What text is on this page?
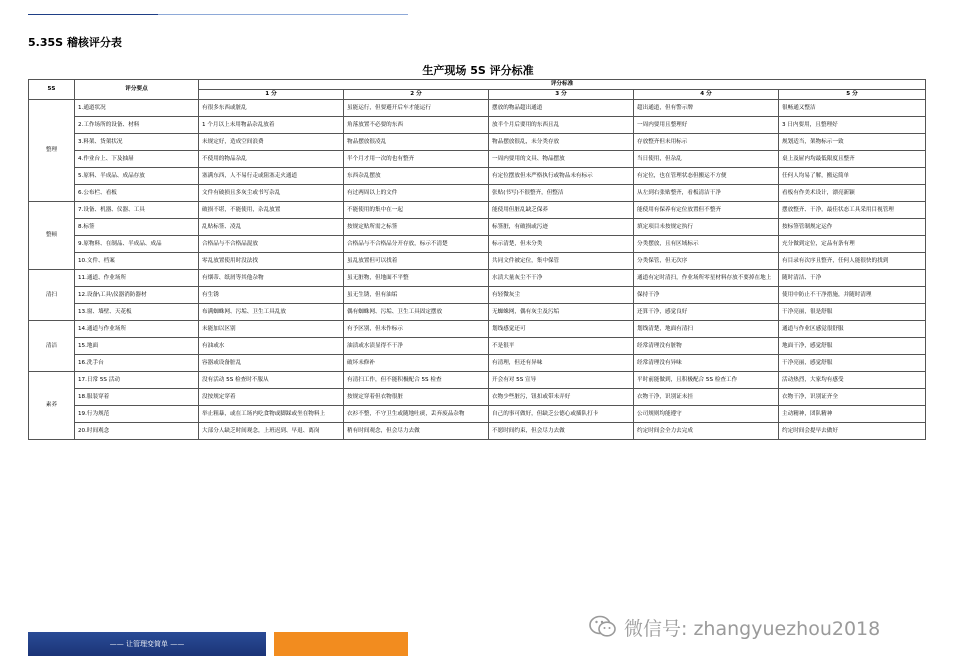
5.35S 稽核评分表
生产现场 5S 评分标准
5S	评分要点	评分标准				
		1 分	2 分	3 分	4 分	5 分
整理	1.通道状况	有很多东西或脏乱	虽能运行，但要避开后车才能运行	摆放的物品超出通道	超出通道，但有警示牌	很畅通又整洁
	2.工作场所的设备、材料	1 个月以上未用物品杂乱放着	角落放置不必要的东西	放半个月后要用的东西且乱	一周内要用且整理好	3 日内要用，且整理好
	3.料架、货架状况	未规定好，造成空间浪费	物品摆放很凌乱	物品摆放很乱，未分类存放	存放整齐但未用标示	规划适当，架物标示一致
	4.作业台上、下及抽屉	不使用的物品杂乱	半个月才用一次的也有整齐	一周内要用的文具、物品摆放	当日使用，但杂乱	桌上及屉内均最低限度且整齐
	5.原料、半成品、成品存放	塞满东西，人不易行走或阻塞走火通道	东西杂乱摆放	有定位摆放但未严格执行或物品未有标示	有定位，也在管理状态但搬运不方便	任何人均易了解，搬运简单
	6.公布栏、看板	文件有破损且多灰尘或书写杂乱	有过两周以上的文件	张贴(书写)不很整齐，但整洁	从左到右张贴整齐，看板清洁干净	看板有作美术设计，漂亮新颖
整顿	7.设备、机器、仪器、工具	破损不堪，不能使用，杂乱放置	不能使用的集中在一起	能使用但脏乱缺乏保养	能使用有保养有定位放置但不整齐	摆放整齐、干净，最佳状态工具采用目视管理
	8.标签	乱贴标签、凌乱	按规定贴所需之标签	标签脏，有破损或污迹	填定项目未按规定执行	按标签管制规定运作
	9.原物料、在制品、半成品、成品	合格品与不合格品混放	合格品与不合格品分开存放，标示不清楚	标示清楚，但未分类	分类摆放，且有区域标示	充分做到定位，定品有条有理
	10.文件、档案	零乱放置使用时没法找	虽乱放置但可以找着	共同文件被定位，集中保管	分类保管，但无次序	有目录有次序且整齐，任何人能很快的找到
清扫	11.通道、作业场所	有烟蒂、纸屑等其他杂物	虽无脏物，但地面不平整	水渍大量灰尘不干净	通道有定时清扫，作业场所零星材料存放不要掉在地上	随时清洁、干净
	12.设备\工具\仪器消防器材	有生锈	虽无生锈，但有油垢	有轻微灰尘	保持干净	使用中防止不干净措施，并随时清理
	13.窗、墙壁、天花板	布满蜘蛛网、污垢、卫生工具乱放	偶有蜘蛛网、污垢、卫生工具固定摆放	无蜘蛛网，偶有灰尘及污垢	还算干净，感觉良好	干净亮丽，很是舒服
清洁	14.通道与作业场所	未能加以区别	有予区别，但未作标示	划线感觉还可	划线清楚，地面有清扫	通道与作业区感觉很舒服
	15.地面	有油或水	油渍或水渍显得不干净	不是很平	经常清理没有脏物	地面干净，感觉舒服
	16.洗手台	容器或设备脏乱	破坏未修补	有清理，但还有异味	经常清理没有异味	干净亮丽，感觉舒服
素养	17.日常 5S 活动	没有活动 5S 检查时不服从	有清扫工作，但不能积极配合 5S 检查	开会有对 5S 宣导	平时前能做到，且积极配合 5S 检查工作	活动热烈，大家均有感受
	18.服装穿着	没按规定穿着	按规定穿着但衣物很脏	衣物少些脏污，钮扣或带未弄好	衣物干净，识别证未挂	衣物干净，识别证齐全
	19.行为规范	举止粗暴，或在工场内吃食物或脚踩或坐在物料上	衣衫不整，不守卫生或随地吐痰，丢弃废品杂物	自己的事可做好，但缺乏公德心或插队打卡	公司规则均能遵守	主动精神，团队精神
	20.时间观念	大部分人缺乏时间观念，上班迟到、早退、离岗	稍有时间观念，但会尽力去做	不愿时间约束，但会尽力去做	约定时间会全力去完成	约定时间会提早去做好
—— 让管理变简单 ——
微信号: zhangyuezhou2018
